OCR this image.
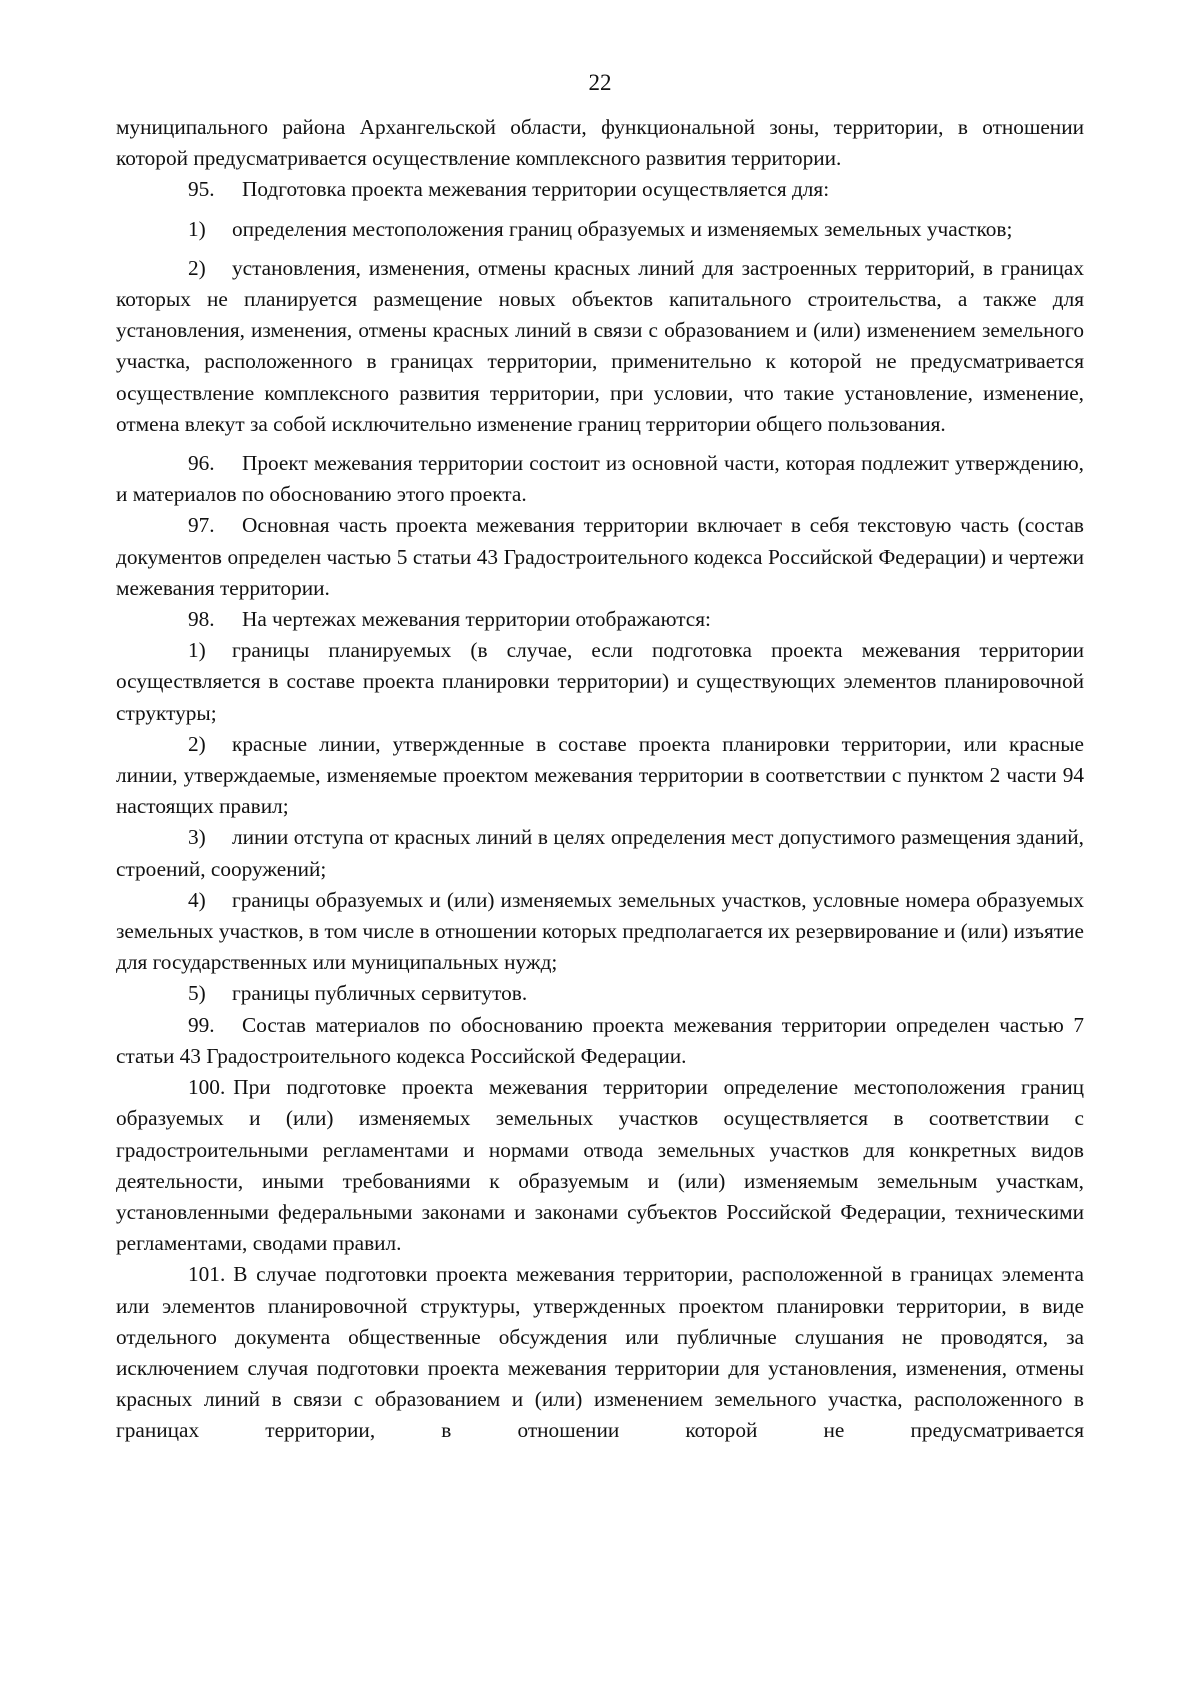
22

муниципального района Архангельской области, функциональной зоны, территории, в отношении которой предусматривается осуществление комплексного развития территории.

95. Подготовка проекта межевания территории осуществляется для:

1) определения местоположения границ образуемых и изменяемых земельных участков;

2) установления, изменения, отмены красных линий для застроенных территорий, в границах которых не планируется размещение новых объектов капитального строительства, а также для установления, изменения, отмены красных линий в связи с образованием и (или) изменением земельного участка, расположенного в границах территории, применительно к которой не предусматривается осуществление комплексного развития территории, при условии, что такие установление, изменение, отмена влекут за собой исключительно изменение границ территории общего пользования.

96. Проект межевания территории состоит из основной части, которая подлежит утверждению, и материалов по обоснованию этого проекта.

97. Основная часть проекта межевания территории включает в себя текстовую часть (состав документов определен частью 5 статьи 43 Градостроительного кодекса Российской Федерации) и чертежи межевания территории.

98. На чертежах межевания территории отображаются:

1) границы планируемых (в случае, если подготовка проекта межевания территории осуществляется в составе проекта планировки территории) и существующих элементов планировочной структуры;

2) красные линии, утвержденные в составе проекта планировки территории, или красные линии, утверждаемые, изменяемые проектом межевания территории в соответствии с пунктом 2 части 94 настоящих правил;

3) линии отступа от красных линий в целях определения мест допустимого размещения зданий, строений, сооружений;

4) границы образуемых и (или) изменяемых земельных участков, условные номера образуемых земельных участков, в том числе в отношении которых предполагается их резервирование и (или) изъятие для государственных или муниципальных нужд;

5) границы публичных сервитутов.

99. Состав материалов по обоснованию проекта межевания территории определен частью 7 статьи 43 Градостроительного кодекса Российской Федерации.

100. При подготовке проекта межевания территории определение местоположения границ образуемых и (или) изменяемых земельных участков осуществляется в соответствии с градостроительными регламентами и нормами отвода земельных участков для конкретных видов деятельности, иными требованиями к образуемым и (или) изменяемым земельным участкам, установленными федеральными законами и законами субъектов Российской Федерации, техническими регламентами, сводами правил.

101. В случае подготовки проекта межевания территории, расположенной в границах элемента или элементов планировочной структуры, утвержденных проектом планировки территории, в виде отдельного документа общественные обсуждения или публичные слушания не проводятся, за исключением случая подготовки проекта межевания территории для установления, изменения, отмены красных линий в связи с образованием и (или) изменением земельного участка, расположенного в границах территории, в отношении которой не предусматривается
